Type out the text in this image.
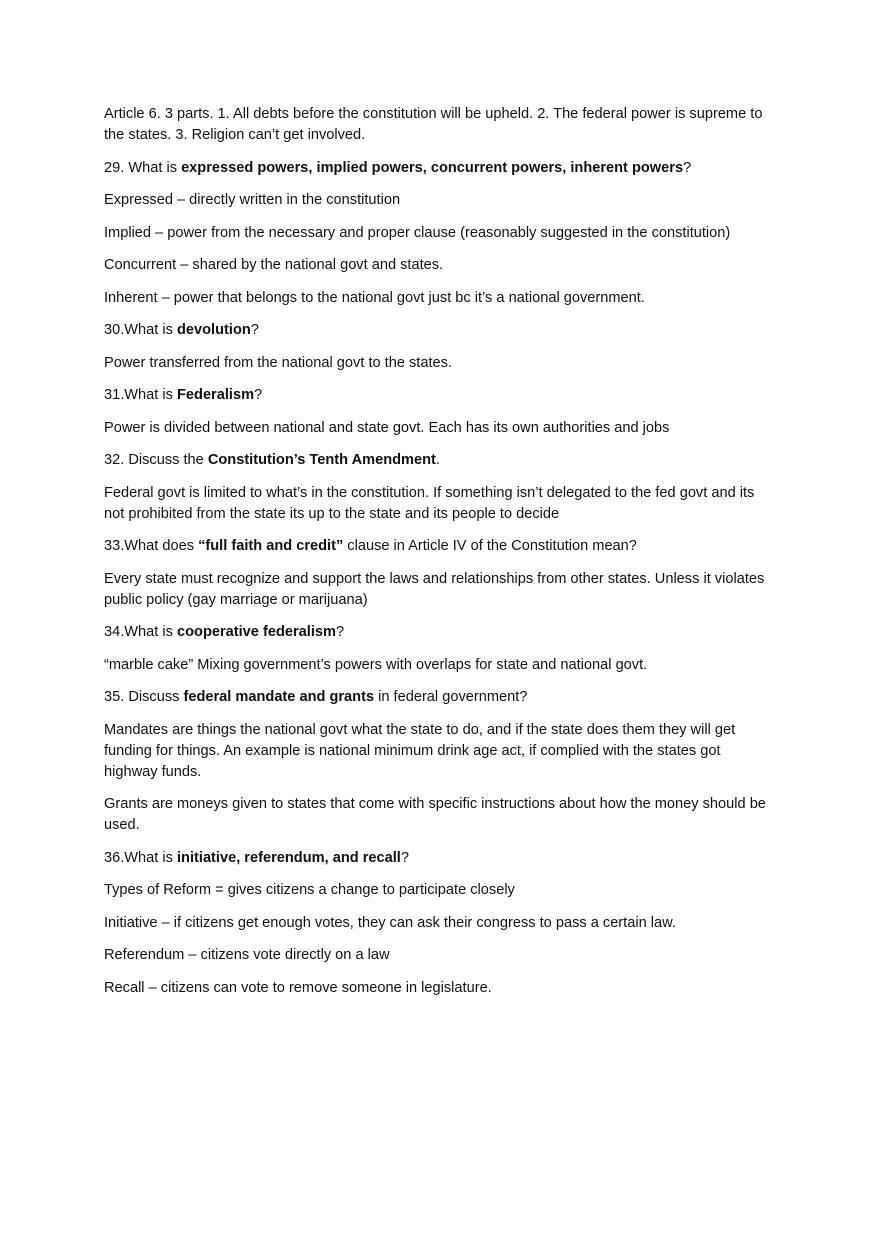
Article 6. 3 parts. 1. All debts before the constitution will be upheld. 2. The federal power is supreme to the states. 3. Religion can’t get involved.

29. What is expressed powers, implied powers, concurrent powers, inherent powers?

Expressed – directly written in the constitution

Implied – power from the necessary and proper clause (reasonably suggested in the constitution)

Concurrent – shared by the national govt and states.

Inherent – power that belongs to the national govt just bc it’s a national government.

30.What is devolution?

Power transferred from the national govt to the states.

31.What is Federalism?

Power is divided between national and state govt. Each has its own authorities and jobs

32. Discuss the Constitution’s Tenth Amendment.

Federal govt is limited to what’s in the constitution. If something isn’t delegated to the fed govt and its not prohibited from the state its up to the state and its people to decide

33.What does “full faith and credit” clause in Article IV of the Constitution mean?

Every state must recognize and support the laws and relationships from other states. Unless it violates public policy (gay marriage or marijuana)

34.What is cooperative federalism?

“marble cake” Mixing government’s powers with overlaps for state and national govt.

35. Discuss federal mandate and grants in federal government?

Mandates are things the national govt what the state to do, and if the state does them they will get funding for things. An example is national minimum drink age act, if complied with the states got highway funds.

Grants are moneys given to states that come with specific instructions about how the money should be used.

36.What is initiative, referendum, and recall?

Types of Reform = gives citizens a change to participate closely

Initiative – if citizens get enough votes, they can ask their congress to pass a certain law.

Referendum – citizens vote directly on a law

Recall – citizens can vote to remove someone in legislature.
